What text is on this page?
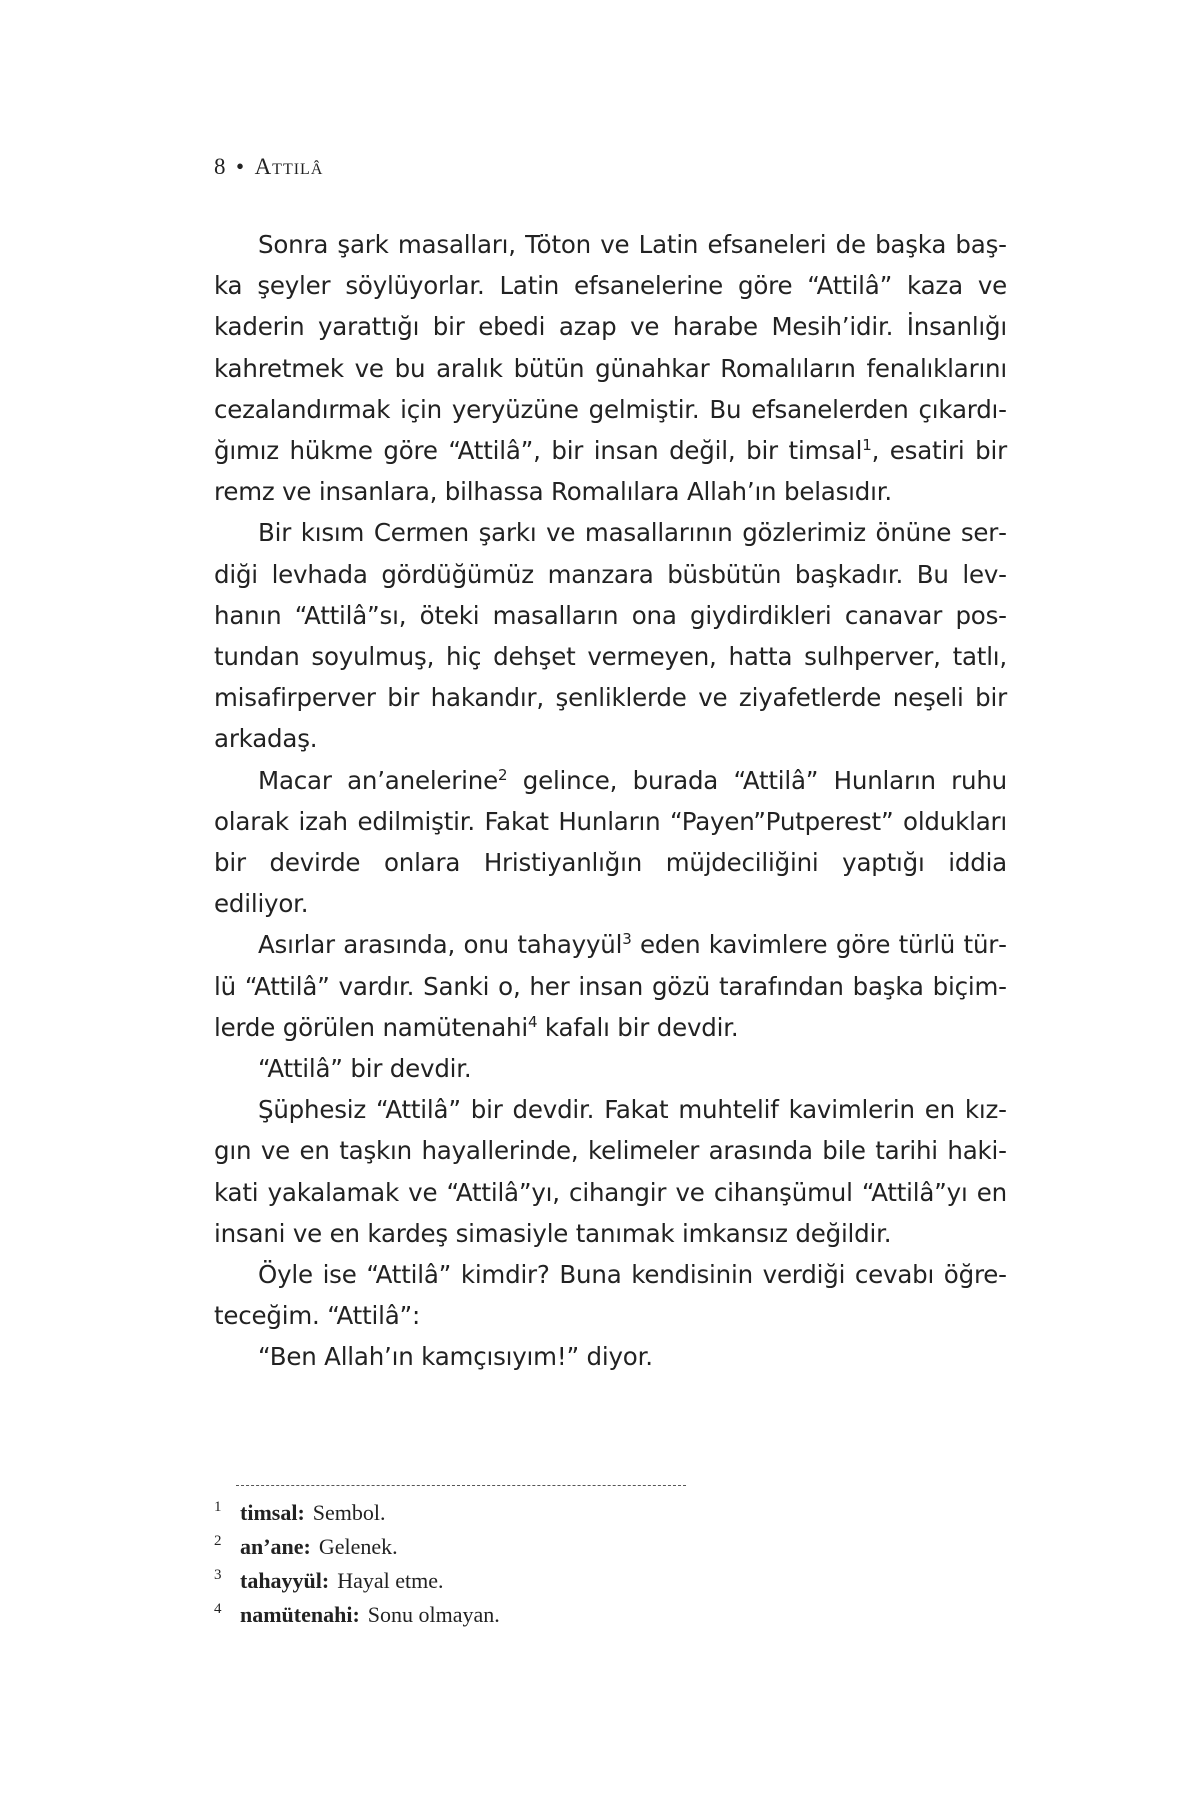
8 • Attilâ

Sonra şark masalları, Töton ve Latin efsaneleri de başka başka şeyler söylüyorlar. Latin efsanelerine göre “Attilâ” kaza ve kaderin yarattığı bir ebedi azap ve harabe Mesih’idir. İnsanlığı kahretmek ve bu aralık bütün günahkar Romalıların fenalıklarını cezalandırmak için yeryüzüne gelmiştir. Bu efsanelerden çıkardığımız hükme göre “Attilâ”, bir insan değil, bir timsal$^1$, esatiri bir remz ve insanlara, bilhassa Romalılara Allah’ın belasıdır.

Bir kısım Cermen şarkı ve masallarının gözlerimiz önüne serdiği levhada gördüğümüz manzara büsbütün başkadır. Bu levhanın “Attilâ”sı, öteki masalların ona giydirdikleri canavar postundan soyulmuş, hiç dehşet vermeyen, hatta sulhperver, tatlı, misafirperver bir hakandır, şenliklerde ve ziyafetlerde neşeli bir arkadaş.

Macar an’anelerine$^2$ gelince, burada “Attilâ” Hunların ruhu olarak izah edilmiştir. Fakat Hunların “Payen”Putperest” oldukları bir devirde onlara Hristiyanlığın müjdeciliğini yaptığı iddia ediliyor.

Asırlar arasında, onu tahayyül$^3$ eden kavimlere göre türlü türlü “Attilâ” vardır. Sanki o, her insan gözü tarafından başka biçimlerde görülen namütenahi$^4$ kafalı bir devdir.

“Attilâ” bir devdir.

Şüphesiz “Attilâ” bir devdir. Fakat muhtelif kavimlerin en kızgın ve en taşkın hayallerinde, kelimeler arasında bile tarihi hakikati yakalamak ve “Attilâ”yı, cihangir ve cihanşümul “Attilâ”yı en insani ve en kardeş simasiyle tanımak imkansız değildir.

Öyle ise “Attilâ” kimdir? Buna kendisinin verdiği cevabı öğreteceğim. “Attilâ”:

“Ben Allah’ın kamçısıyım!” diyor.

1 timsal: Sembol.
2 an’ane: Gelenek.
3 tahayyül: Hayal etme.
4 namütenahi: Sonu olmayan.
